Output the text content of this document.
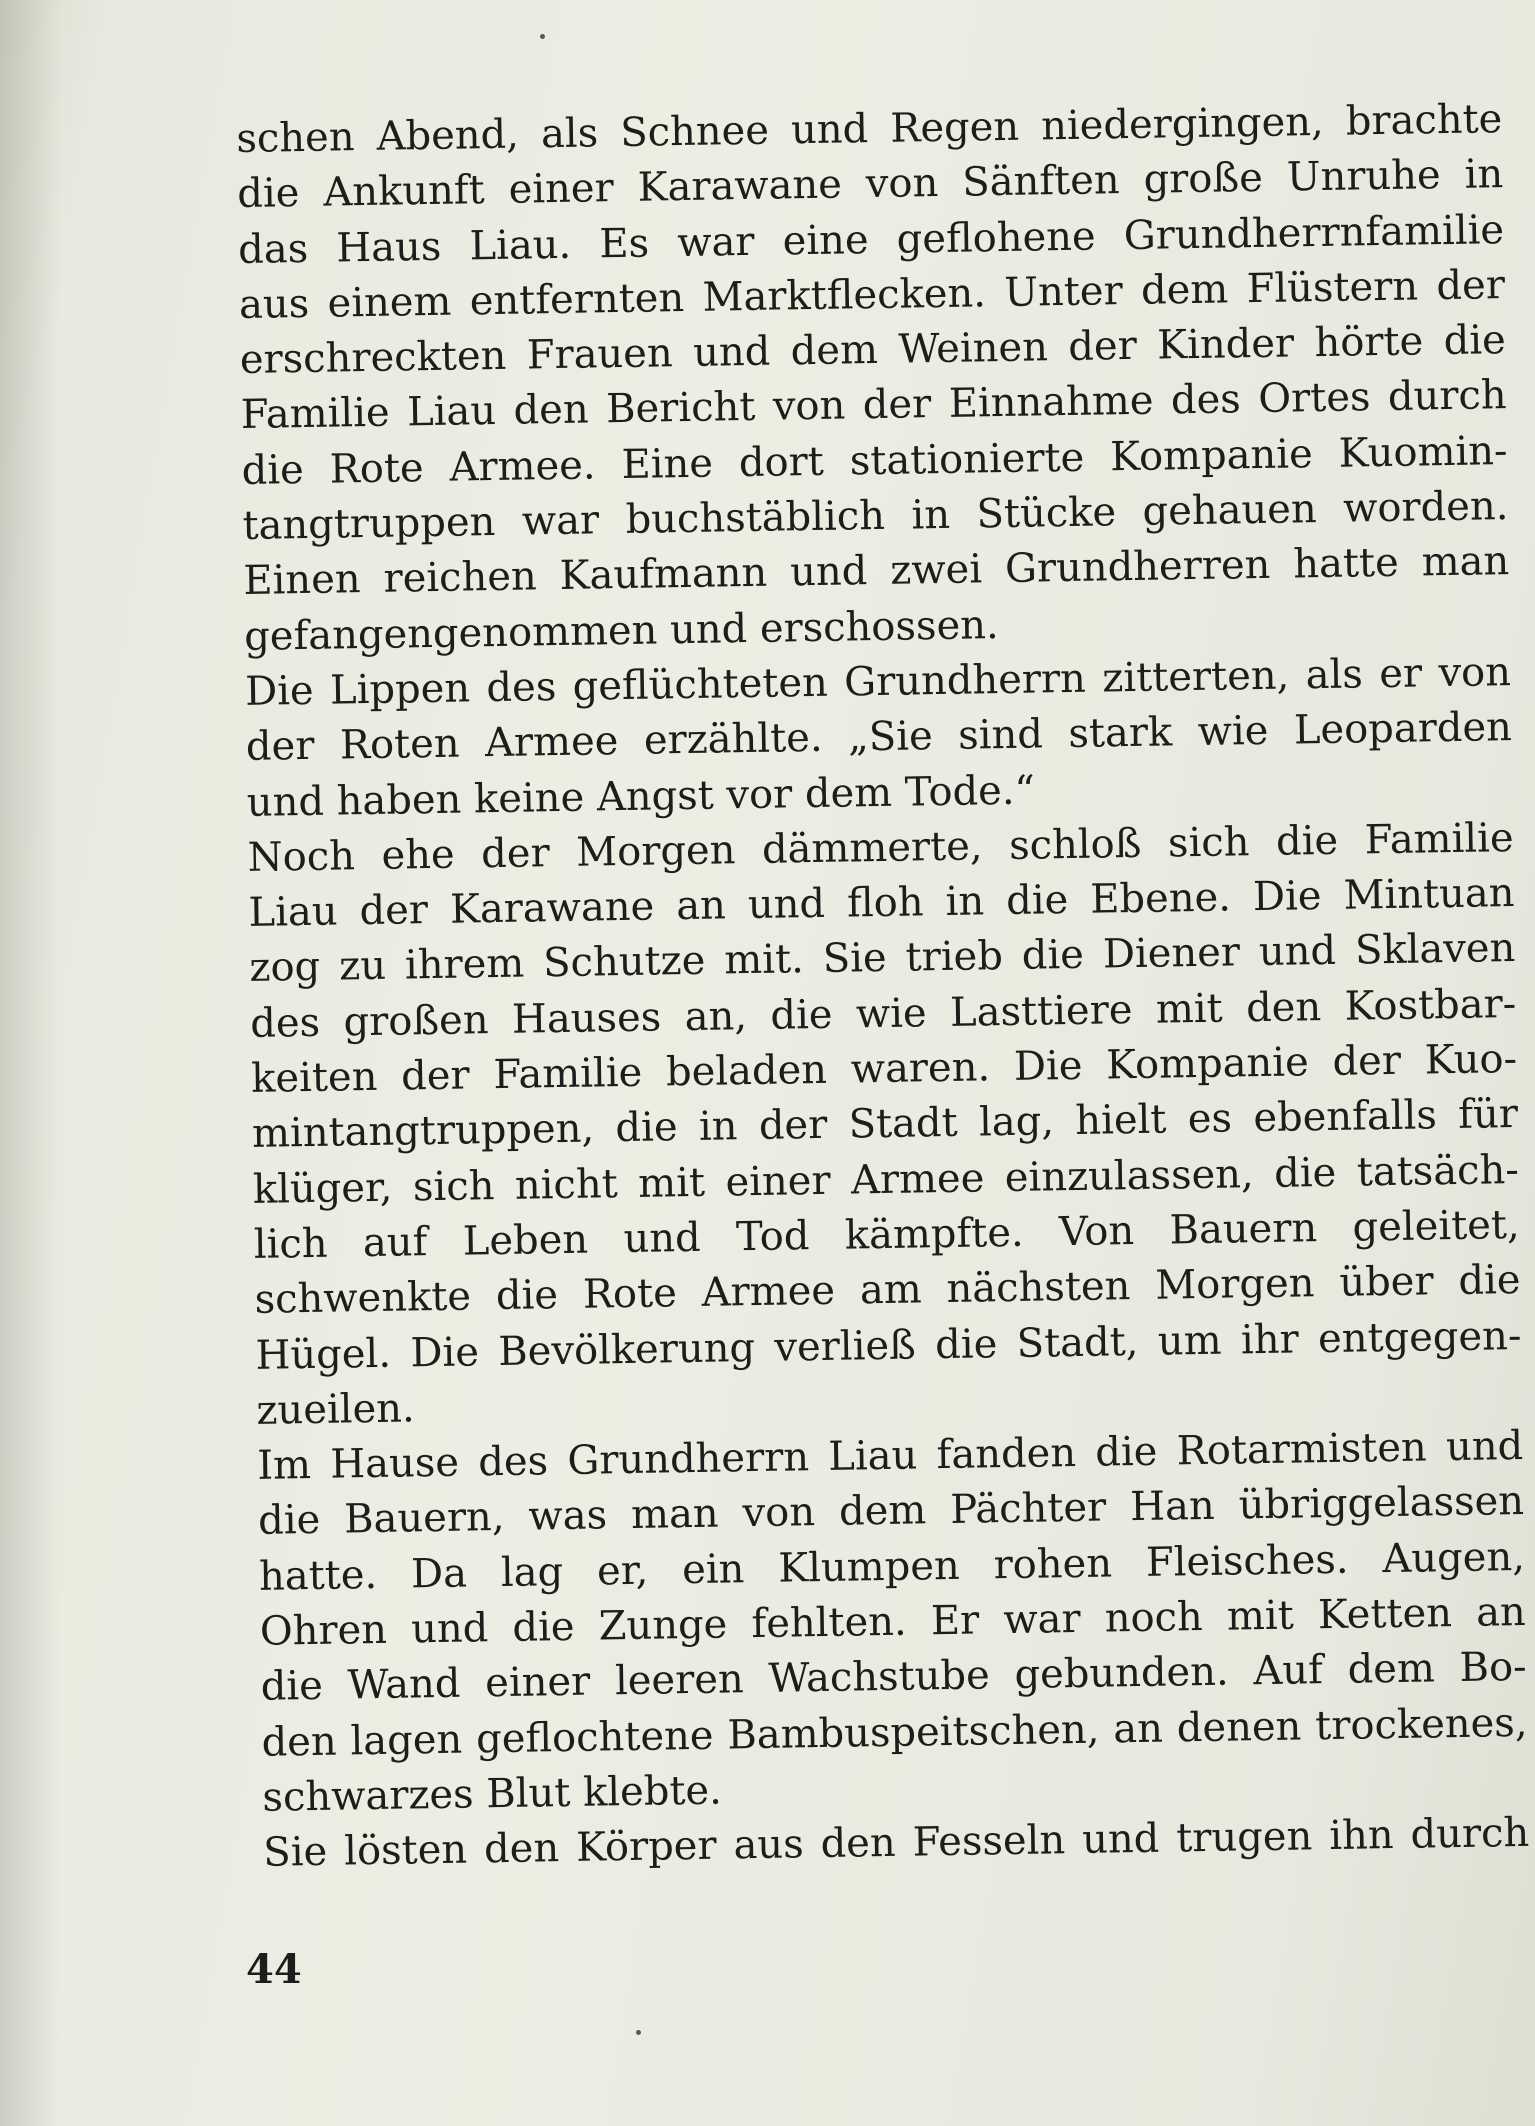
schen Abend, als Schnee und Regen niedergingen, brachte
die Ankunft einer Karawane von Sänften große Unruhe in
das Haus Liau. Es war eine geflohene Grundherrnfamilie
aus einem entfernten Marktflecken. Unter dem Flüstern der
erschreckten Frauen und dem Weinen der Kinder hörte die
Familie Liau den Bericht von der Einnahme des Ortes durch
die Rote Armee. Eine dort stationierte Kompanie Kuomin-
tangtruppen war buchstäblich in Stücke gehauen worden.
Einen reichen Kaufmann und zwei Grundherren hatte man
gefangengenommen und erschossen.

Die Lippen des geflüchteten Grundherrn zitterten, als er von
der Roten Armee erzählte. „Sie sind stark wie Leoparden
und haben keine Angst vor dem Tode.“

Noch ehe der Morgen dämmerte, schloß sich die Familie
Liau der Karawane an und floh in die Ebene. Die Mintuan
zog zu ihrem Schutze mit. Sie trieb die Diener und Sklaven
des großen Hauses an, die wie Lasttiere mit den Kostbar-
keiten der Familie beladen waren. Die Kompanie der Kuo-
mintangtruppen, die in der Stadt lag, hielt es ebenfalls für
klüger, sich nicht mit einer Armee einzulassen, die tatsäch-
lich auf Leben und Tod kämpfte. Von Bauern geleitet,
schwenkte die Rote Armee am nächsten Morgen über die
Hügel. Die Bevölkerung verließ die Stadt, um ihr entgegen-
zueilen.

Im Hause des Grundherrn Liau fanden die Rotarmisten und
die Bauern, was man von dem Pächter Han übriggelassen
hatte. Da lag er, ein Klumpen rohen Fleisches. Augen,
Ohren und die Zunge fehlten. Er war noch mit Ketten an
die Wand einer leeren Wachstube gebunden. Auf dem Bo-
den lagen geflochtene Bambuspeitschen, an denen trockenes,
schwarzes Blut klebte.

Sie lösten den Körper aus den Fesseln und trugen ihn durch

44
